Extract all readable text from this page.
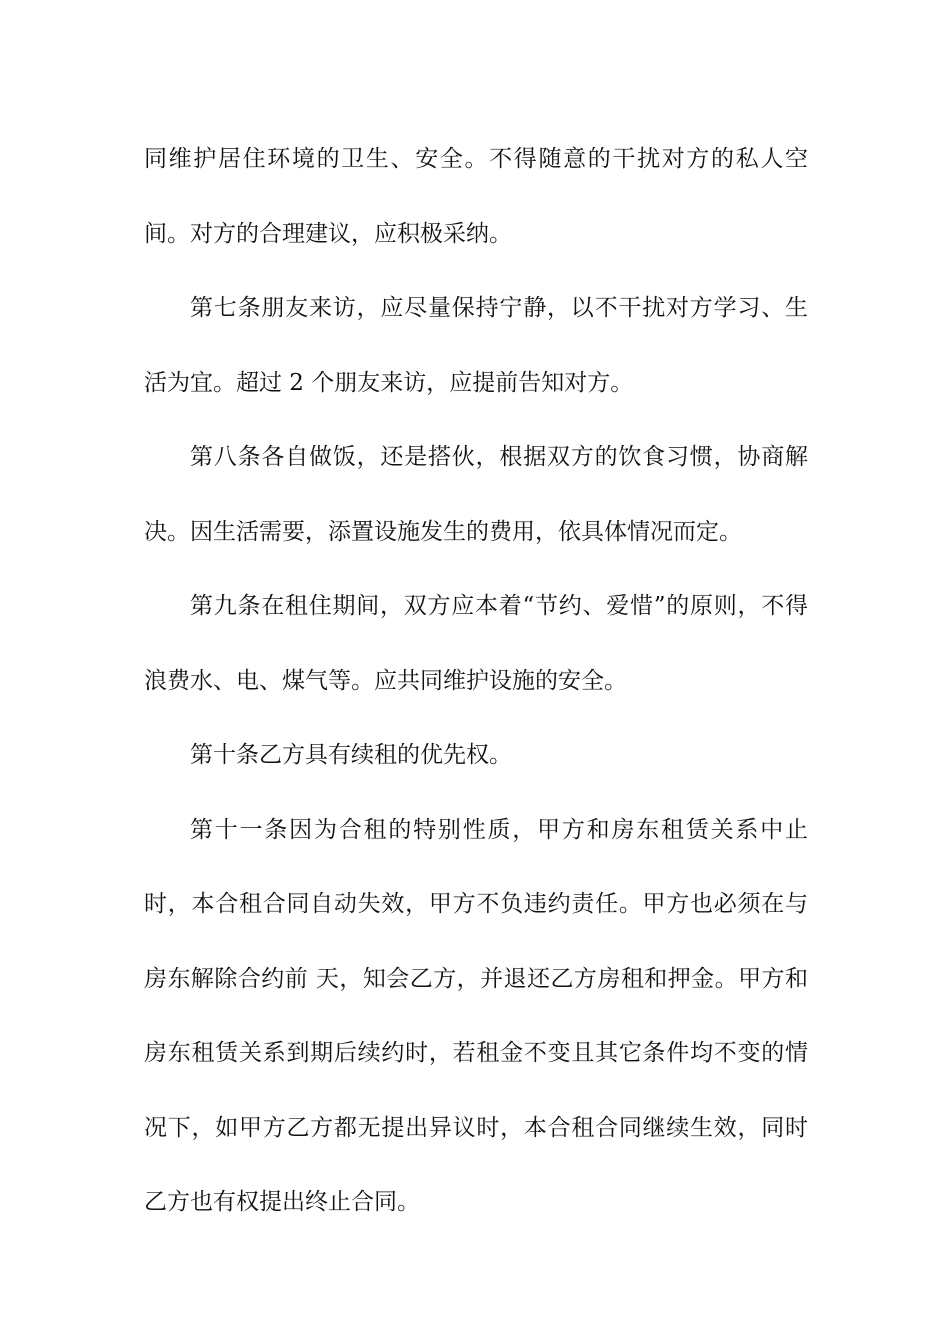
同维护居住环境的卫生、安全。不得随意的干扰对方的私人空间。对方的合理建议，应积极采纳。

第七条朋友来访，应尽量保持宁静，以不干扰对方学习、生活为宜。超过 2 个朋友来访，应提前告知对方。

第八条各自做饭，还是搭伙，根据双方的饮食习惯，协商解决。因生活需要，添置设施发生的费用，依具体情况而定。

第九条在租住期间，双方应本着“节约、爱惜”的原则，不得浪费水、电、煤气等。应共同维护设施的安全。

第十条乙方具有续租的优先权。

第十一条因为合租的特别性质，甲方和房东租赁关系中止时，本合租合同自动失效，甲方不负违约责任。甲方也必须在与房东解除合约前 天，知会乙方，并退还乙方房租和押金。甲方和房东租赁关系到期后续约时，若租金不变且其它条件均不变的情况下，如甲方乙方都无提出异议时，本合租合同继续生效，同时乙方也有权提出终止合同。
